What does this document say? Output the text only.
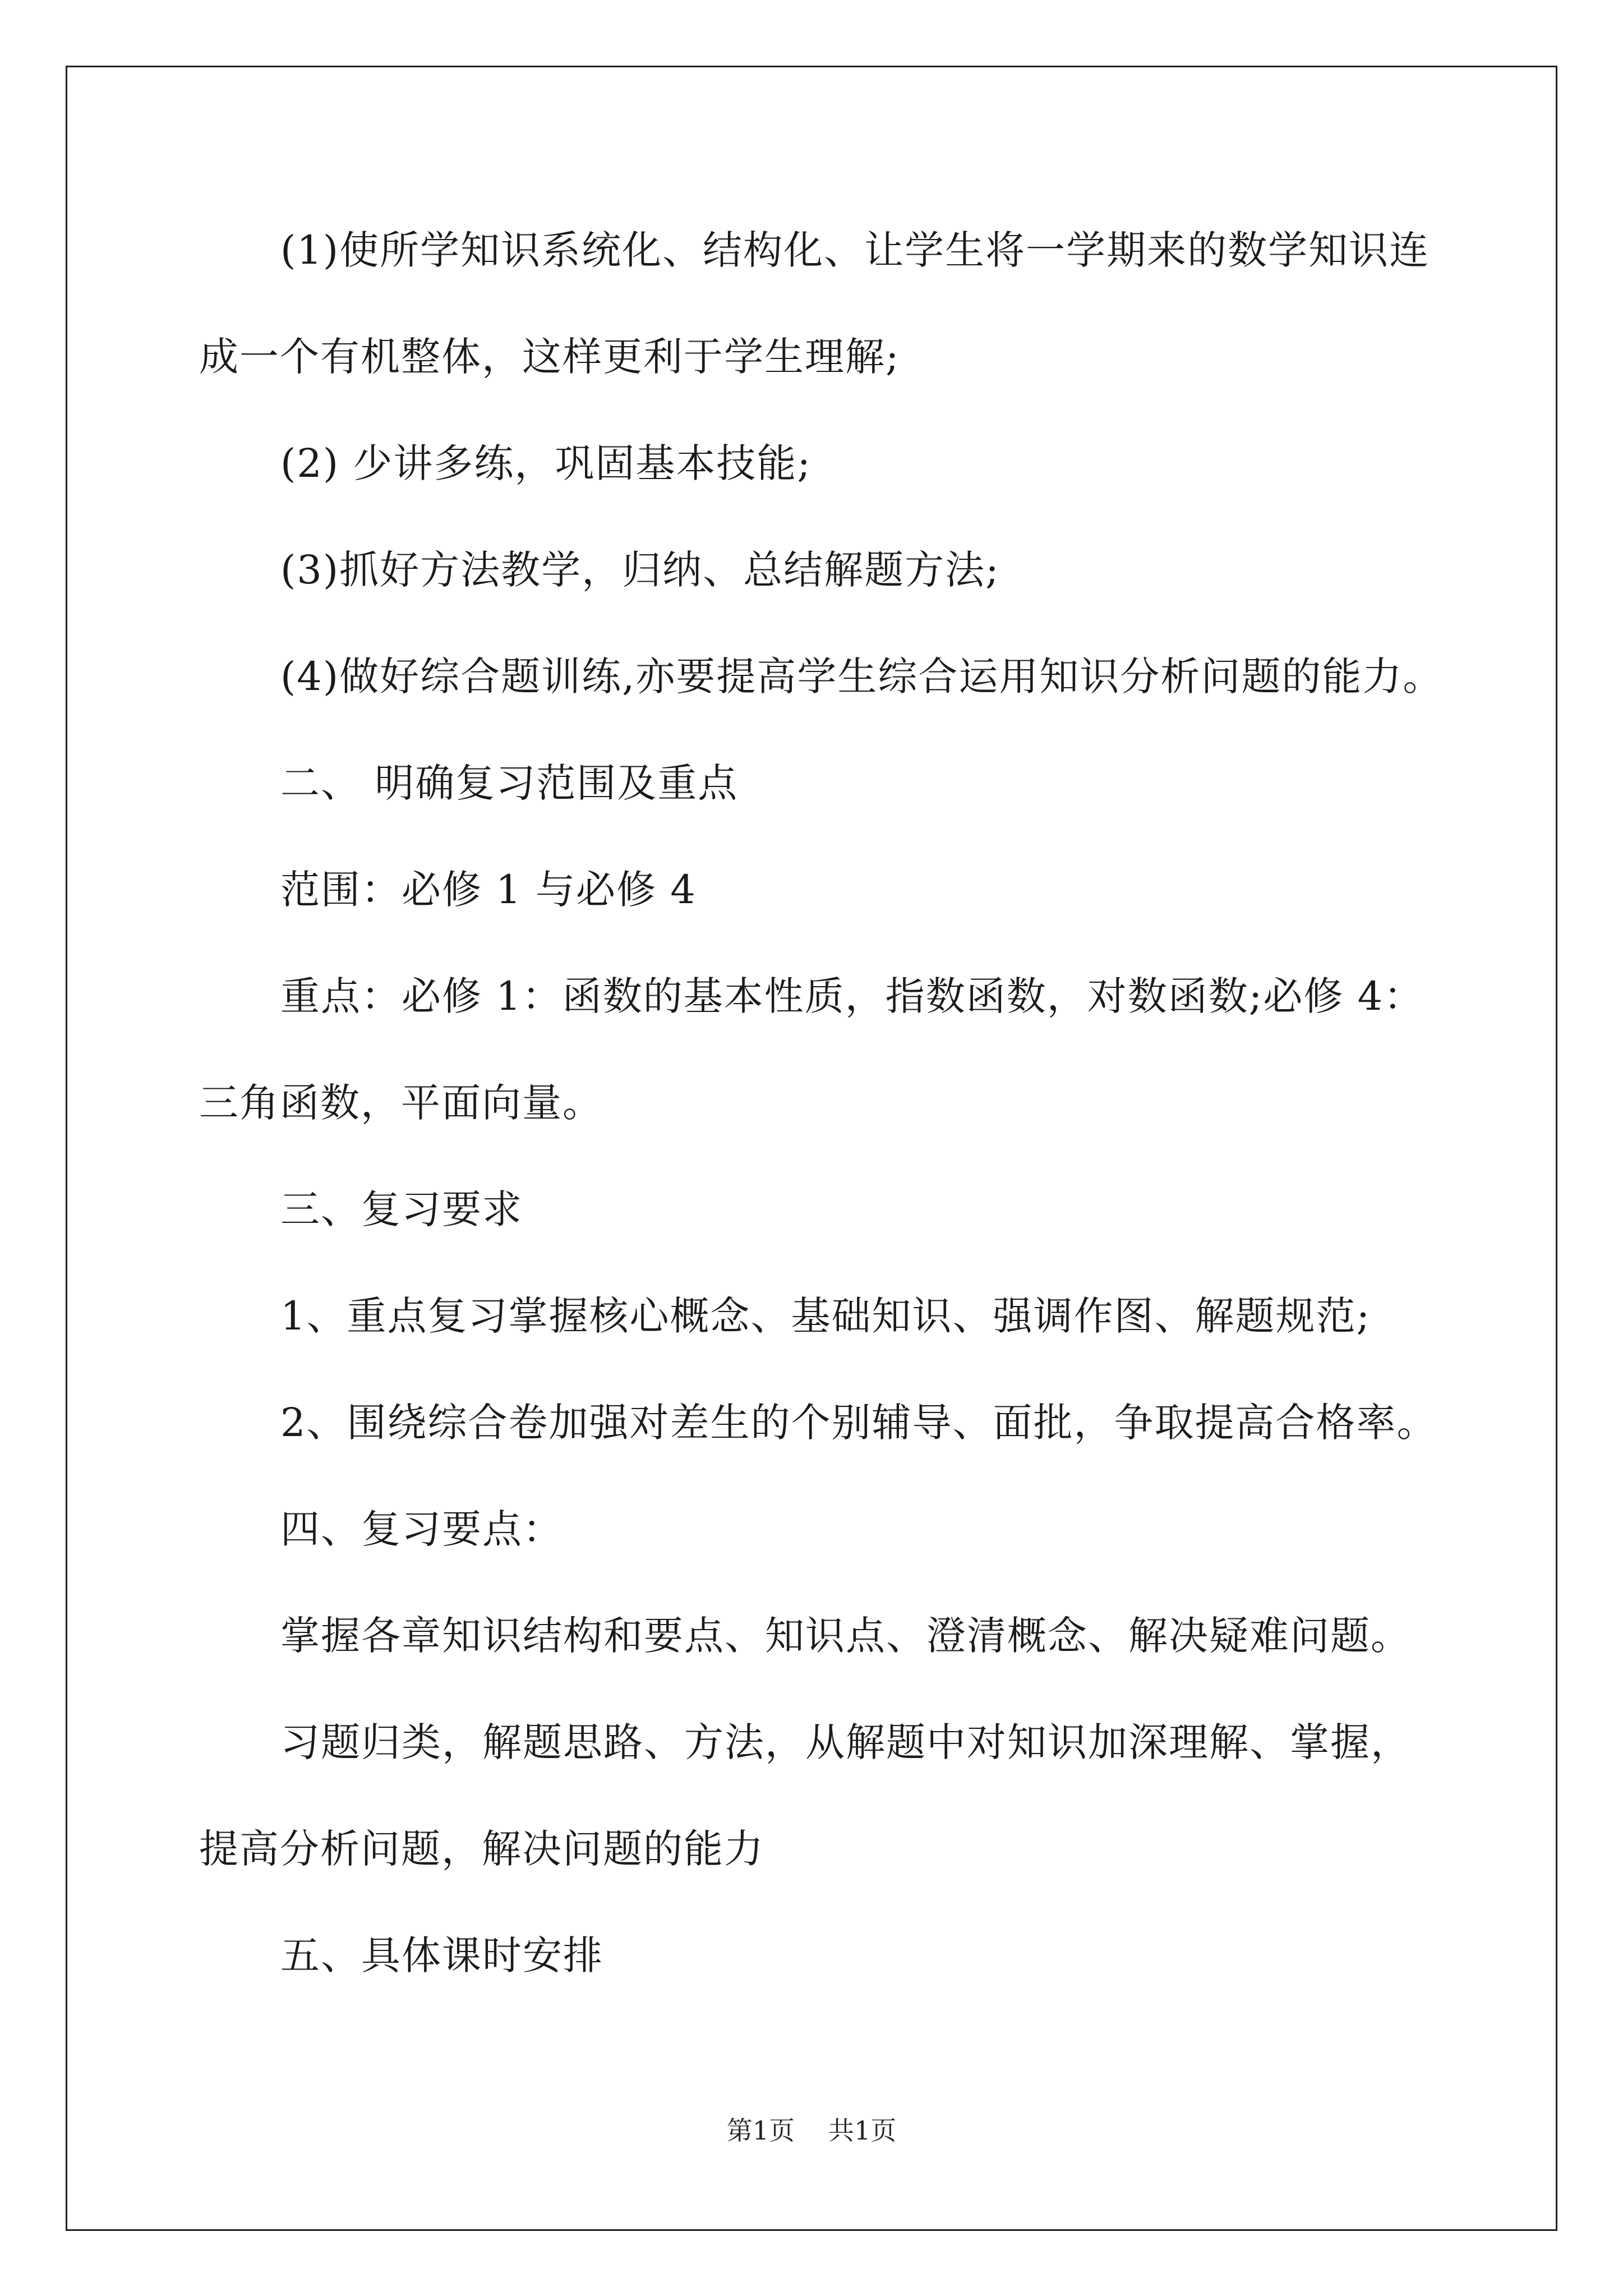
(1)使所学知识系统化、结构化、让学生将一学期来的数学知识连
成一个有机整体，这样更利于学生理解;
(2) 少讲多练，巩固基本技能;
(3)抓好方法教学，归纳、总结解题方法;
(4)做好综合题训练,亦要提高学生综合运用知识分析问题的能力。
二、 明确复习范围及重点
范围：必修 1 与必修 4
重点：必修 1：函数的基本性质，指数函数，对数函数;必修 4：
三角函数，平面向量。
三、复习要求
1、重点复习掌握核心概念、基础知识、强调作图、解题规范;
2、围绕综合卷加强对差生的个别辅导、面批，争取提高合格率。
四、复习要点：
掌握各章知识结构和要点、知识点、澄清概念、解决疑难问题。
习题归类，解题思路、方法，从解题中对知识加深理解、掌握，
提高分析问题，解决问题的能力
五、具体课时安排
第1页 共1页
